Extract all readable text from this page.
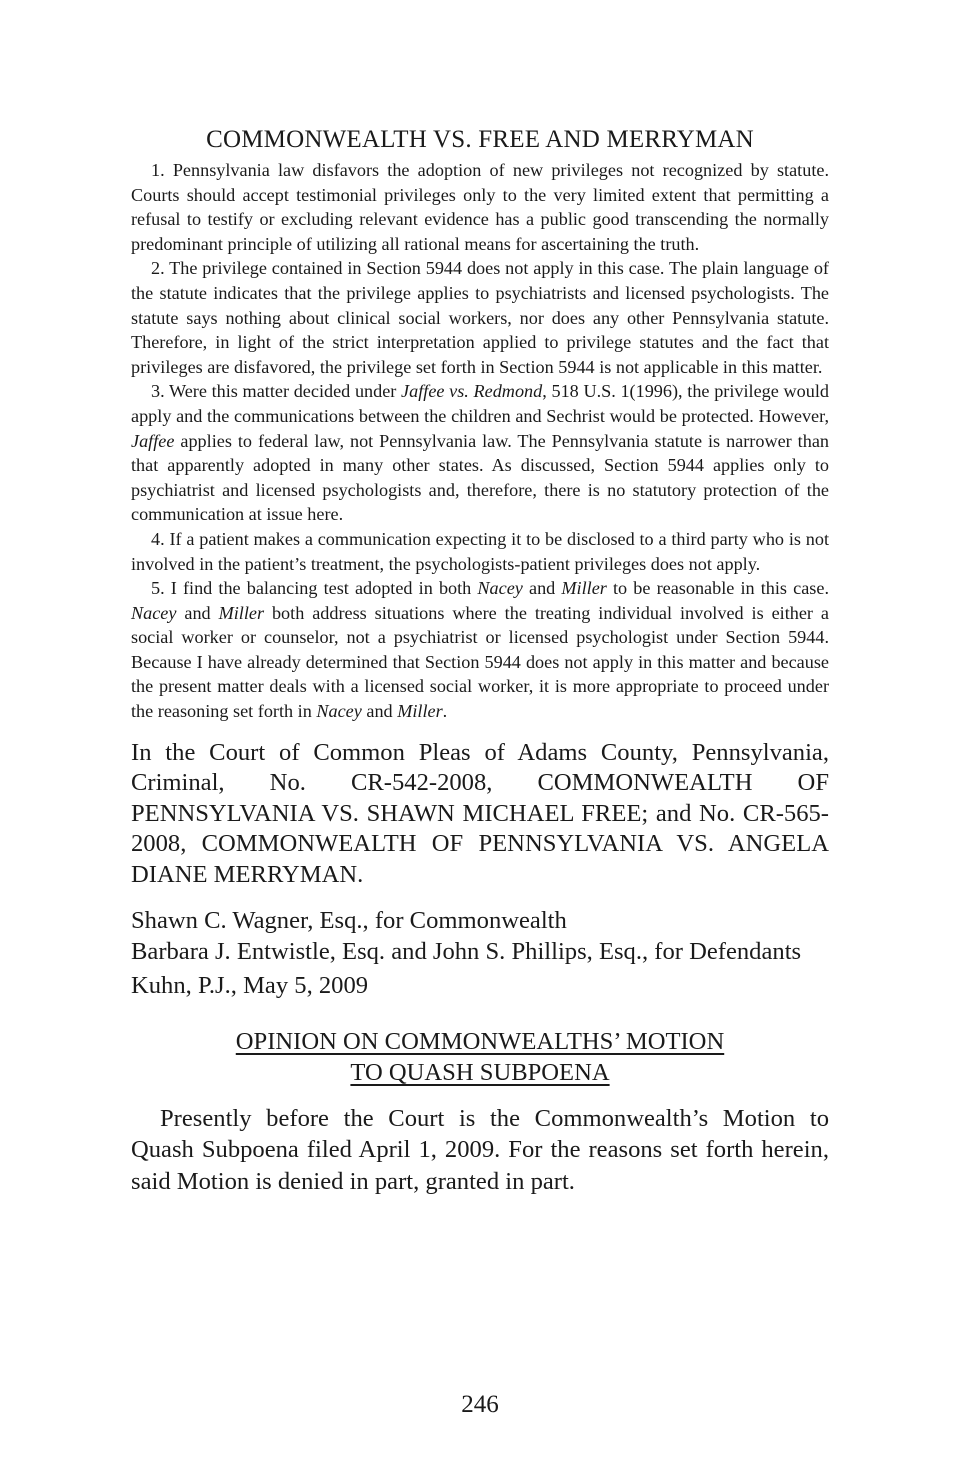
COMMONWEALTH VS. FREE AND MERRYMAN

1. Pennsylvania law disfavors the adoption of new privileges not recognized by statute. Courts should accept testimonial privileges only to the very limited extent that permitting a refusal to testify or excluding relevant evidence has a public good transcending the normally predominant principle of utilizing all rational means for ascertaining the truth.

2. The privilege contained in Section 5944 does not apply in this case. The plain language of the statute indicates that the privilege applies to psychiatrists and licensed psychologists. The statute says nothing about clinical social workers, nor does any other Pennsylvania statute. Therefore, in light of the strict interpretation applied to privilege statutes and the fact that privileges are disfavored, the privilege set forth in Section 5944 is not applicable in this matter.

3. Were this matter decided under Jaffee vs. Redmond, 518 U.S. 1(1996), the privilege would apply and the communications between the children and Sechrist would be protected. However, Jaffee applies to federal law, not Pennsylvania law. The Pennsylvania statute is narrower than that apparently adopted in many other states. As discussed, Section 5944 applies only to psychiatrist and licensed psychologists and, therefore, there is no statutory protection of the communication at issue here.

4. If a patient makes a communication expecting it to be disclosed to a third party who is not involved in the patient’s treatment, the psychologists-patient privileges does not apply.

5. I find the balancing test adopted in both Nacey and Miller to be reasonable in this case. Nacey and Miller both address situations where the treating individual involved is either a social worker or counselor, not a psychiatrist or licensed psychologist under Section 5944. Because I have already determined that Section 5944 does not apply in this matter and because the present matter deals with a licensed social worker, it is more appropriate to proceed under the reasoning set forth in Nacey and Miller.

In the Court of Common Pleas of Adams County, Pennsylvania, Criminal, No. CR-542-2008, COMMONWEALTH OF PENNSYLVANIA VS. SHAWN MICHAEL FREE; and No. CR-565-2008, COMMONWEALTH OF PENNSYLVANIA VS. ANGELA DIANE MERRYMAN.
Shawn C. Wagner, Esq., for Commonwealth
Barbara J. Entwistle, Esq. and John S. Phillips, Esq., for Defendants
Kuhn, P.J., May 5, 2009
OPINION ON COMMONWEALTHS’ MOTION
TO QUASH SUBPOENA

Presently before the Court is the Commonwealth’s Motion to Quash Subpoena filed April 1, 2009. For the reasons set forth herein, said Motion is denied in part, granted in part.

246
